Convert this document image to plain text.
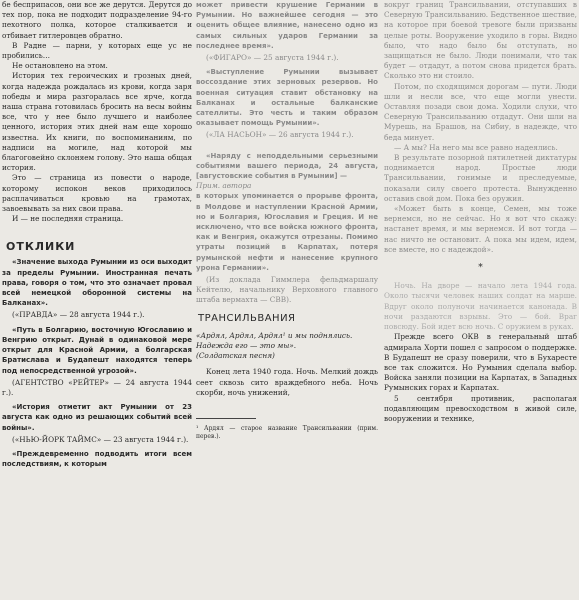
бе бесприпасов, они все же дерутся. Дерутся до тех пор, пока не подходит подразделение 94-го пехотного полка, которое сталкивается и отбивает гитлеровцев обратно.

В Радне — парни, у которых еще ус не пробились…

Не остановлено на этом.

История тех героических и грозных дней, когда надежда рождалась из крови, когда заря победы и мира разгоралась все ярче, когда наша страна готовилась бросить на весы войны все, что у нее было лучшего и наиболее ценного, история этих дней нам еще хорошо известна. Их книги, по воспоминаниям, по надписи на могиле, над которой мы благоговейно склоняем голову. Это наша общая история.

Это — страница из повести о народе, которому испокон веков приходилось расплачиваться кровью на грамотах, завоевывать за них свои права.

И — не последняя страница.

ОТКЛИКИ

«Значение выхода Румынии из оси выходит за пределы Румынии. Иностранная печать права, говоря о том, что это означает провал всей немецкой оборонной системы на Балканах».

(«ПРАВДА» — 28 августа 1944 г.).

«Путь в Болгарию, восточную Югославию и Венгрию открыт. Дунай в одинаковой мере открыт для Красной Армии, а болгарская Братислава и Будапешт находятся теперь под непосредственной угрозой».

(АГЕНТСТВО «РЕЙТЕР» — 24 августа 1944 г.).

«История отметит акт Румынии от 23 августа как одно из решающих событий всей войны».

(«НЬЮ-ЙОРК ТАЙМС» — 23 августа 1944 г.).

«Преждевременно подводить итоги всем последствиям, к которым

может привести крушение Германии в Румынии. Но важнейшее сегодня — это оценить общее влияние, нанесено одно из самых сильных ударов Германии за последнее время».

(«ФИГАРО» — 25 августа 1944 г.).

«Выступление Румынии вызывает воссоздание этих зерновых резервов. Но военная ситуация ставит обстановку на Балканах и остальные балканские сателлиты. Это честь и таким образом оказывает помощь Румынии».

(«ЛА НАСЬОН» — 26 августа 1944 г.).

«Наряду с неподдельными серьезными событиями вашего периода, 24 августа, [августовские события в Румынии] —

Прим. автора

в которых упоминается о прорыве фронта, в Молдове и наступлении Красной Армии, но и Болгария, Югославия и Греция. И не исключено, что все войска южного фронта, как и Венгрия, окажутся отрезаны. Помимо утраты позиций в Карпатах, потеря румынской нефти и нанесение крупного урона Германии».

(Из доклада Гиммлера фельдмаршалу Кейтелю, начальнику Верховного главного штаба вермахта — СВВ).

ТРАНСИЛЬВАНИЯ

«Ардял, Ардял, Ардял¹ и мы поднялись.

Надежда его — это мы».

(Солдатская песня)

Конец лета 1940 года. Ночь. Мелкий дождь сеет сквозь сито враждебного неба. Ночь скорби, ночь унижений,

¹ Ардял — старое название Трансильвании (прим. перев.).

вокруг границ Трансильвании, отступавших в Северную Трансильванию. Бедственное шествие, на которое при боевой тревоге были призваны целые роты. Вооружение уходило в горы. Видно было, что надо было бы отступать, но защищаться не было. Люди понимали, что так будет — отдадут, а потом снова придется брать. Сколько это ни стоило.

Потом, по сходящимся дорогам — пути. Люди шли и несли все, что еще могли унести. Оставляя позади свои дома. Ходили слухи, что Северную Трансильванию отдадут. Они шли на Мурешь, на Брашов, на Сибиу, в надежде, что беда минует.

— А мы? На него мы все равно надеялись.

В результате позорной пятилетней диктатуры поднимается народ. Простые люди Трансильвании, гонимые и преследуемые, показали силу своего протеста. Вынужденно оставив свой дом. Пока без оружия.

«Может быть в конце, Семен, мы тоже вернемся, но не сейчас. Но я вот что скажу: настанет время, и мы вернемся. И вот тогда — нас ничто не остановит. А пока мы идем, идем, все вместе, но с надеждой».

*

Ночь. На дворе — начало лета 1944 года. Около тысячи человек наших солдат на марше. Вдруг около полуночи начинается канонада. В ночи раздаются взрывы. Это — бой. Враг повсюду. Бой идет всю ночь. С оружием в руках.

Прежде всего ОКВ в генеральный штаб адмирала Хорти пошел с запросом о поддержке. В Будапешт не сразу поверили, что в Бухаресте все так сложится. Но Румыния сделала выбор. Войска заняли позиции на Карпатах, в Западных Румынских горах и Карпатах.

5 сентября противник, располагая подавляющим превосходством в живой силе, вооружении и технике,
